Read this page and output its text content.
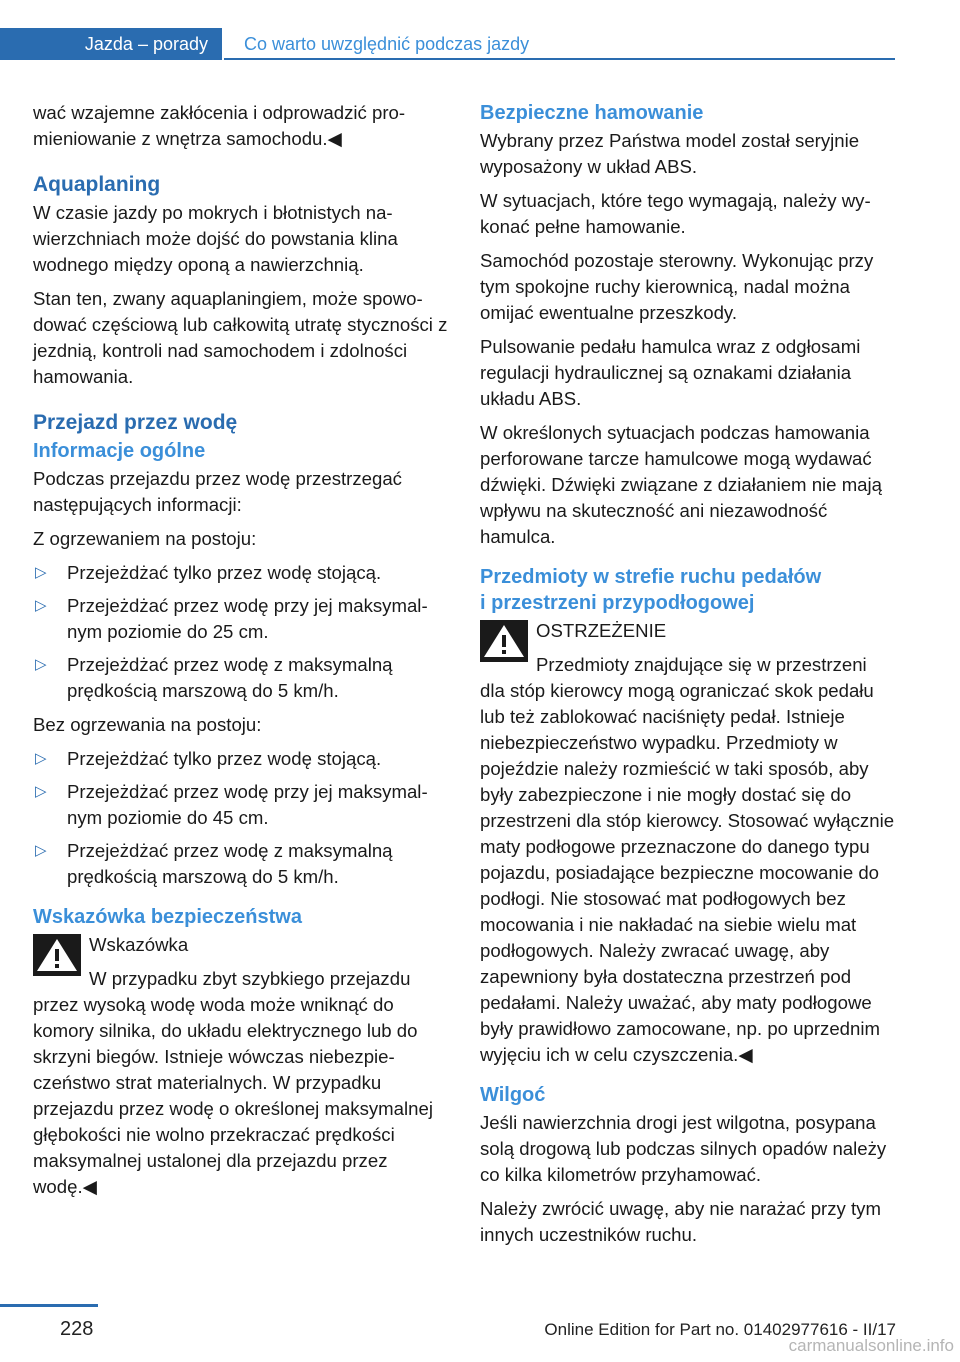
Jazda – porady	Co warto uwzględnić podczas jazdy

wać wzajemne zakłócenia i odprowadzić promieniowanie z wnętrza samochodu.◀

Aquaplaning

W czasie jazdy po mokrych i błotnistych nawierzchniach może dojść do powstania klina wodnego między oponą a nawierzchnią.

Stan ten, zwany aquaplaningiem, może spowodować częściową lub całkowitą utratę styczności z jezdnią, kontroli nad samochodem i zdolności hamowania.

Przejazd przez wodę
Informacje ogólne

Podczas przejazdu przez wodę przestrzegać następujących informacji:

Z ogrzewaniem na postoju:

▷ Przejeżdżać tylko przez wodę stojącą.
▷ Przejeżdżać przez wodę przy jej maksymalnym poziomie do 25 cm.
▷ Przejeżdżać przez wodę z maksymalną prędkością marszową do 5 km/h.

Bez ogrzewania na postoju:

▷ Przejeżdżać tylko przez wodę stojącą.
▷ Przejeżdżać przez wodę przy jej maksymalnym poziomie do 45 cm.
▷ Przejeżdżać przez wodę z maksymalną prędkością marszową do 5 km/h.
Wskazówka bezpieczeństwa

Wskazówka

W przypadku zbyt szybkiego przejazdu przez wysoką wodę woda może wniknąć do komory silnika, do układu elektrycznego lub do skrzyni biegów. Istnieje wówczas niebezpieczeństwo strat materialnych. W przypadku przejazdu przez wodę o określonej maksymalnej głębokości nie wolno przekraczać prędkości maksymalnej ustalonej dla przejazdu przez wodę.◀

Bezpieczne hamowanie

Wybrany przez Państwa model został seryjnie wyposażony w układ ABS.

W sytuacjach, które tego wymagają, należy wykonać pełne hamowanie.

Samochód pozostaje sterowny. Wykonując przy tym spokojne ruchy kierownicą, nadal można omijać ewentualne przeszkody.

Pulsowanie pedału hamulca wraz z odgłosami regulacji hydraulicznej są oznakami działania układu ABS.

W określonych sytuacjach podczas hamowania perforowane tarcze hamulcowe mogą wydawać dźwięki. Dźwięki związane z działaniem nie mają wpływu na skuteczność ani niezawodność hamulca.

Przedmioty w strefie ruchu pedałów
i przestrzeni przypodłogowej

OSTRZEŻENIE

Przedmioty znajdujące się w przestrzeni dla stóp kierowcy mogą ograniczać skok pedału lub też zablokować naciśnięty pedał. Istnieje niebezpieczeństwo wypadku. Przedmioty w pojeździe należy rozmieścić w taki sposób, aby były zabezpieczone i nie mogły dostać się do przestrzeni dla stóp kierowcy. Stosować wyłącznie maty podłogowe przeznaczone do danego typu pojazdu, posiadające bezpieczne mocowanie do podłogi. Nie stosować mat podłogowych bez mocowania i nie nakładać na siebie wielu mat podłogowych. Należy zwracać uwagę, aby zapewniony była dostateczna przestrzeń pod pedałami. Należy uważać, aby maty podłogowe były prawidłowo zamocowane, np. po uprzednim wyjęciu ich w celu czyszczenia.◀

Wilgoć

Jeśli nawierzchnia drogi jest wilgotna, posypana solą drogową lub podczas silnych opadów należy co kilka kilometrów przyhamować.

Należy zwrócić uwagę, aby nie narażać przy tym innych uczestników ruchu.

228	Online Edition for Part no. 01402977616 - II/17
carmanualsonline.info
